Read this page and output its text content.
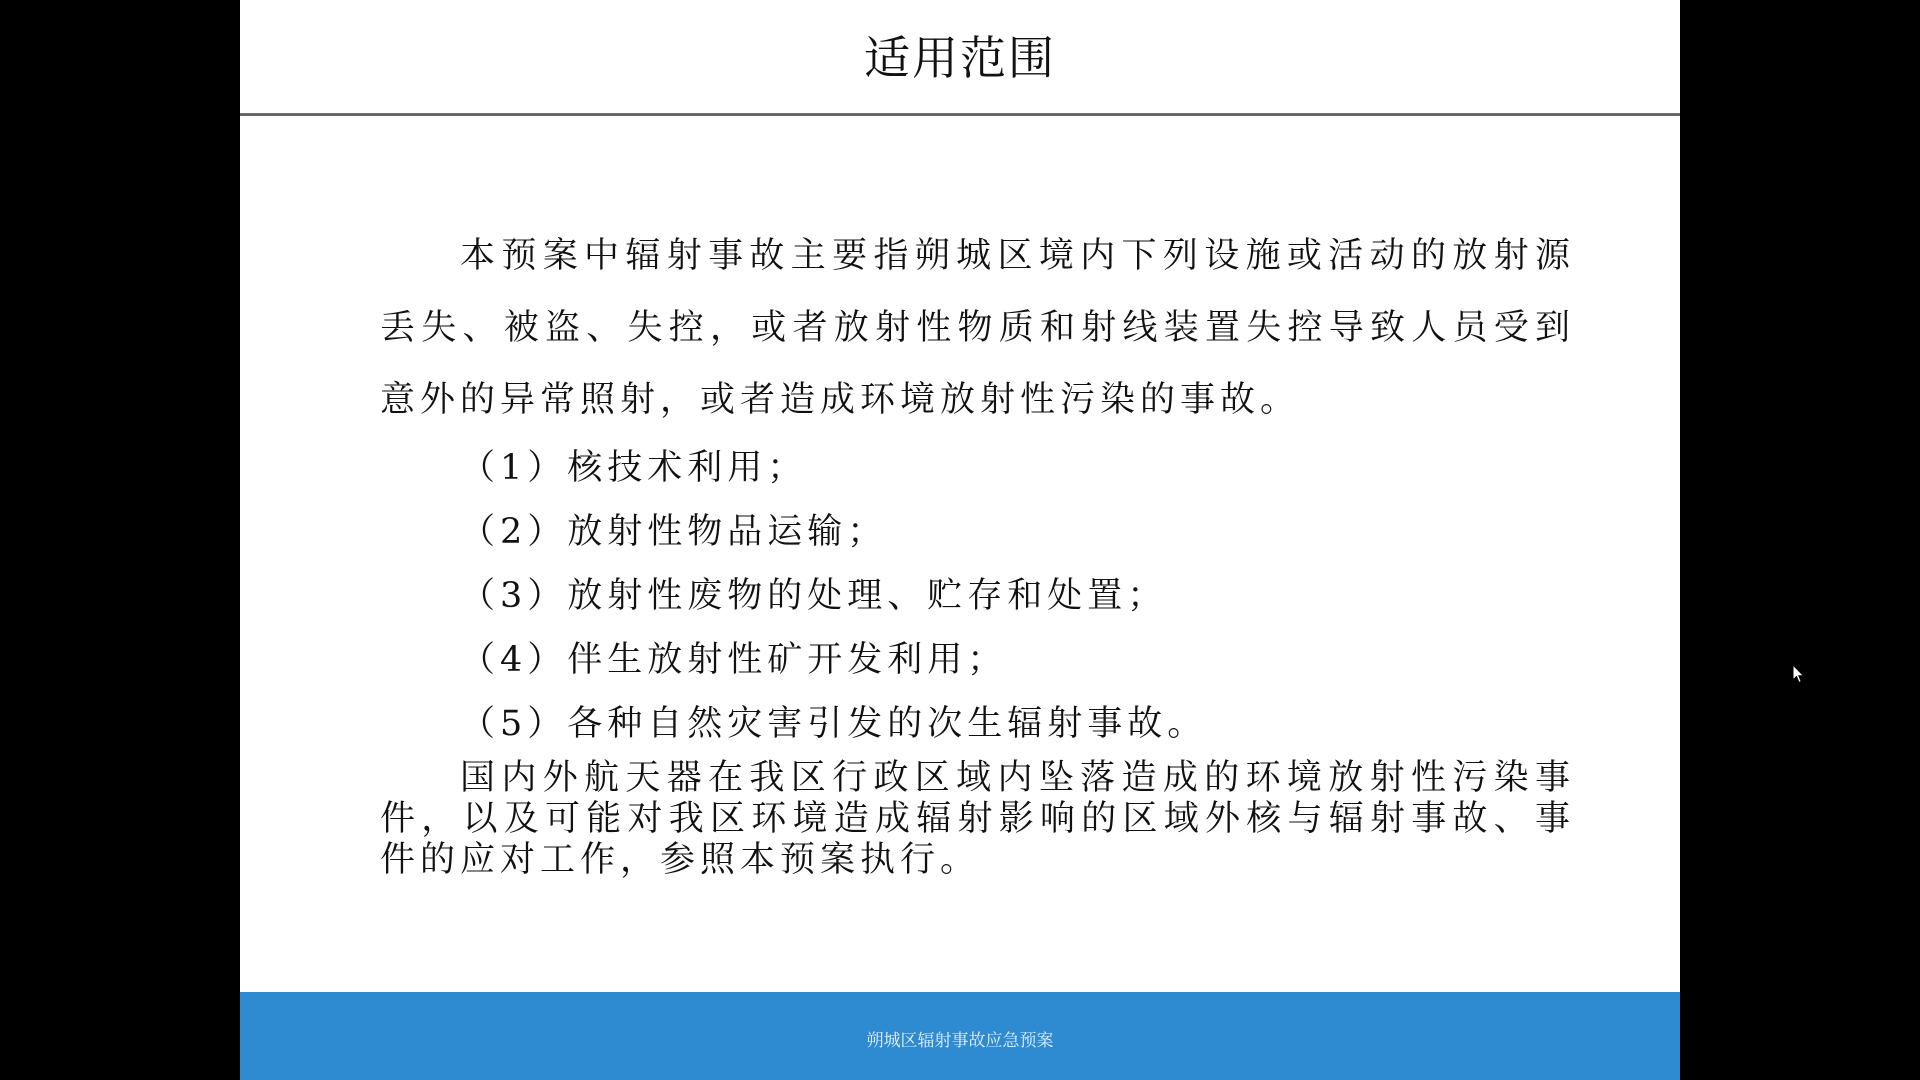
适用范围

本预案中辐射事故主要指朔城区境内下列设施或活动的放射源丢失、被盗、失控，或者放射性物质和射线装置失控导致人员受到意外的异常照射，或者造成环境放射性污染的事故。

（1）核技术利用；
（2）放射性物品运输；
（3）放射性废物的处理、贮存和处置；
（4）伴生放射性矿开发利用；
（5）各种自然灾害引发的次生辐射事故。

国内外航天器在我区行政区域内坠落造成的环境放射性污染事件，以及可能对我区环境造成辐射影响的区域外核与辐射事故、事件的应对工作，参照本预案执行。

朔城区辐射事故应急预案
